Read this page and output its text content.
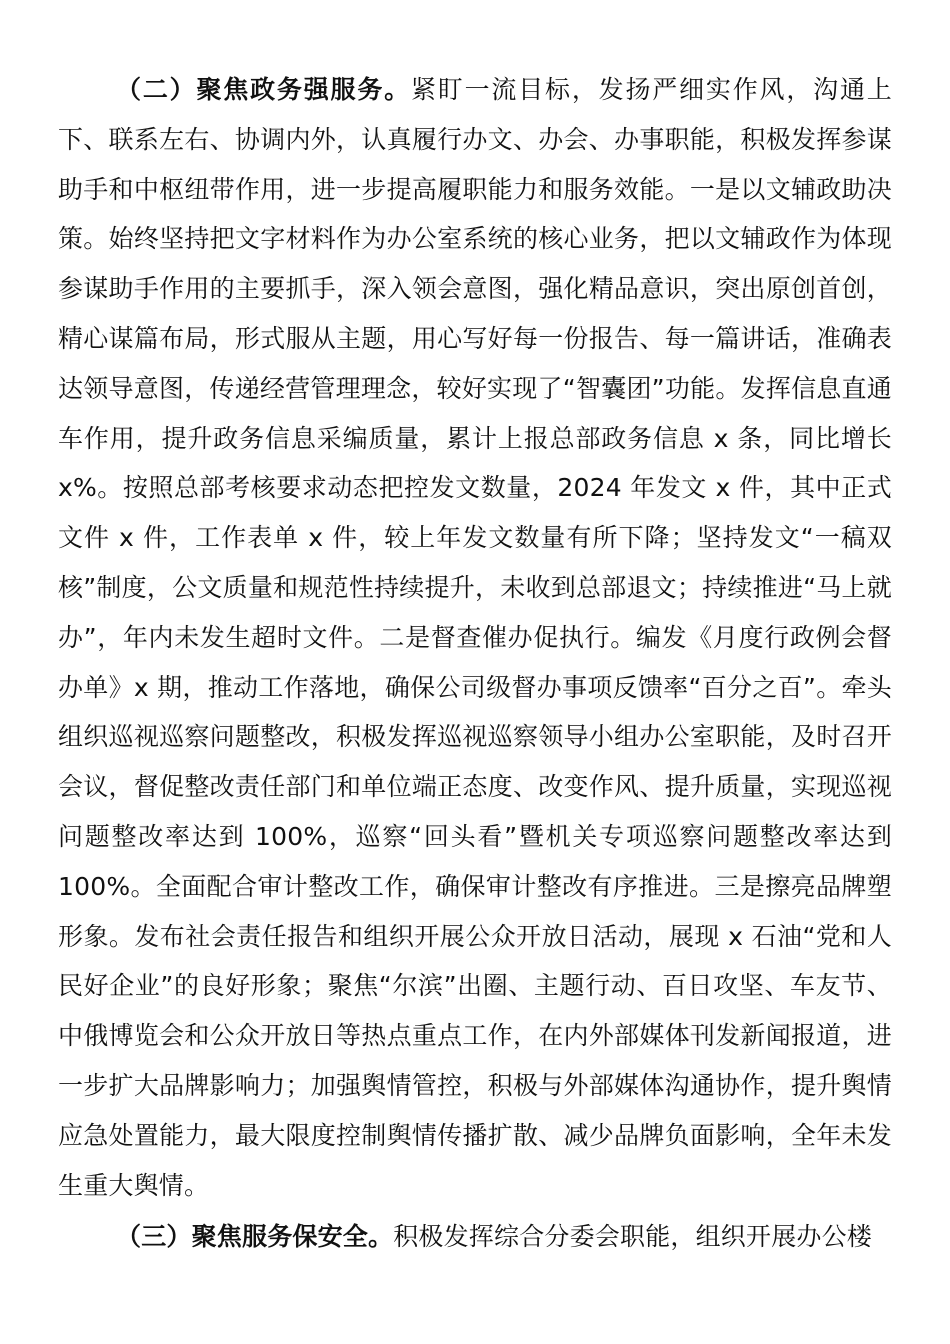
（二）聚焦政务强服务。紧盯一流目标，发扬严细实作风，沟通上下、联系左右、协调内外，认真履行办文、办会、办事职能，积极发挥参谋助手和中枢纽带作用，进一步提高履职能力和服务效能。一是以文辅政助决策。始终坚持把文字材料作为办公室系统的核心业务，把以文辅政作为体现参谋助手作用的主要抓手，深入领会意图，强化精品意识，突出原创首创，精心谋篇布局，形式服从主题，用心写好每一份报告、每一篇讲话，准确表达领导意图，传递经营管理理念，较好实现了“智囊团”功能。发挥信息直通车作用，提升政务信息采编质量，累计上报总部政务信息 x 条，同比增长 x%。按照总部考核要求动态把控发文数量，2024 年发文 x 件，其中正式文件 x 件，工作表单 x 件，较上年发文数量有所下降；坚持发文“一稿双核”制度，公文质量和规范性持续提升，未收到总部退文；持续推进“马上就办”，年内未发生超时文件。二是督查催办促执行。编发《月度行政例会督办单》x 期，推动工作落地，确保公司级督办事项反馈率“百分之百”。牵头组织巡视巡察问题整改，积极发挥巡视巡察领导小组办公室职能，及时召开会议，督促整改责任部门和单位端正态度、改变作风、提升质量，实现巡视问题整改率达到 100%，巡察“回头看”暨机关专项巡察问题整改率达到 100%。全面配合审计整改工作，确保审计整改有序推进。三是擦亮品牌塑形象。发布社会责任报告和组织开展公众开放日活动，展现 x 石油“党和人民好企业”的良好形象；聚焦“尔滨”出圈、主题行动、百日攻坚、车友节、中俄博览会和公众开放日等热点重点工作，在内外部媒体刊发新闻报道，进一步扩大品牌影响力；加强舆情管控，积极与外部媒体沟通协作，提升舆情应急处置能力，最大限度控制舆情传播扩散、减少品牌负面影响，全年未发生重大舆情。

（三）聚焦服务保安全。积极发挥综合分委会职能，组织开展办公楼
